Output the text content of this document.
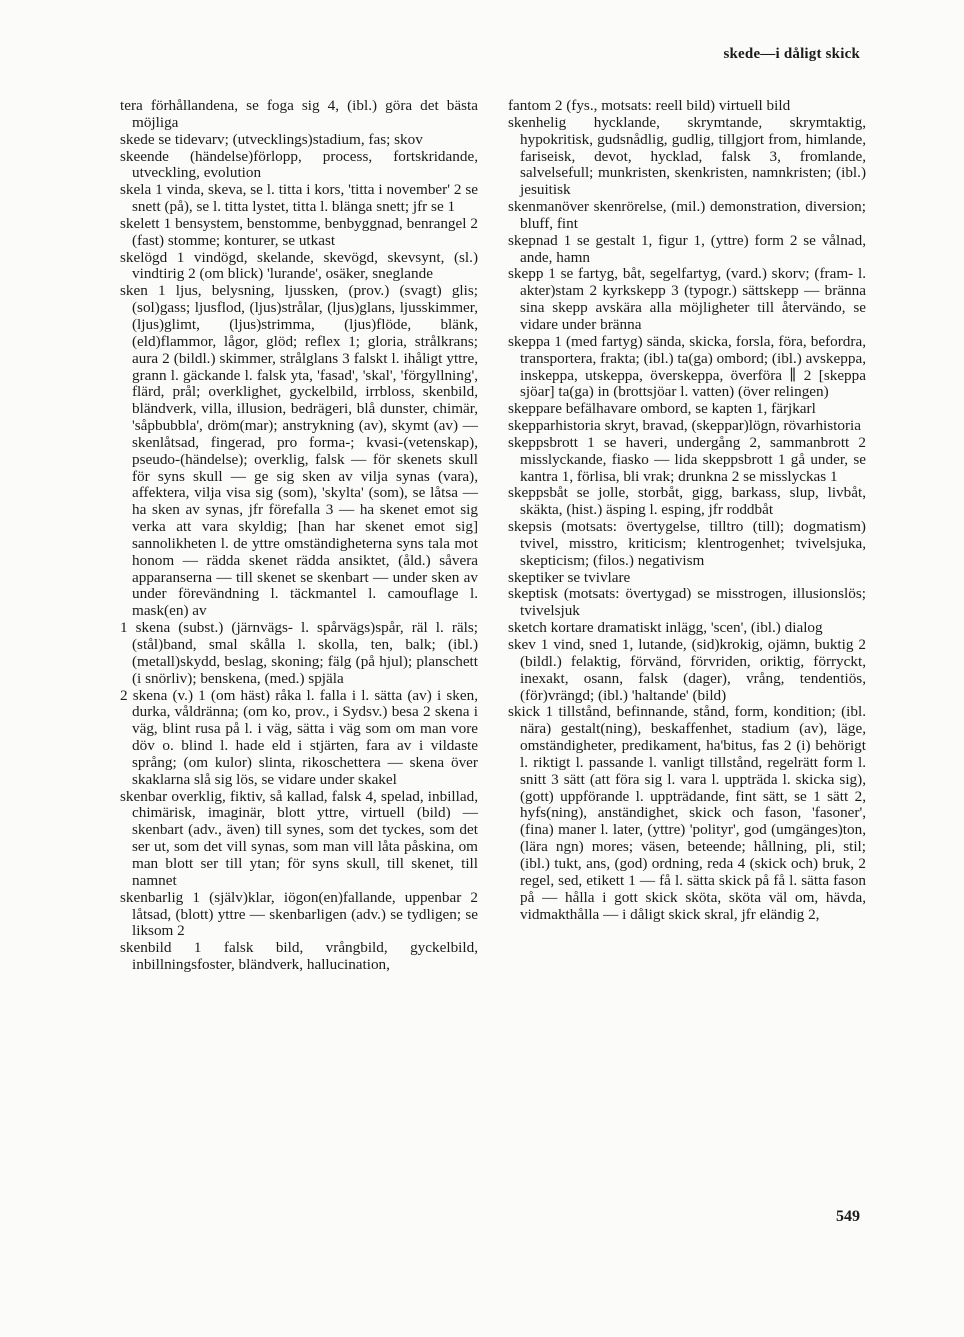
skede—i dåligt skick

tera förhållandena, se foga sig 4, (ibl.) göra det bästa möjliga

skede se tidevarv; (utvecklings)stadium, fas; skov

skeende (händelse)förlopp, process, fortskridande, utveckling, evolution

skela 1 vinda, skeva, se l. titta i kors, 'titta i november' 2 se snett (på), se l. titta lystet, titta l. blänga snett; jfr se 1

skelett 1 bensystem, benstomme, benbyggnad, benrangel 2 (fast) stomme; konturer, se utkast

skelögd 1 vindögd, skelande, skevögd, skevsynt, (sl.) vindtirig 2 (om blick) 'lurande', osäker, sneglande

sken 1 ljus, belysning, ljussken, (prov.) (svagt) glis; (sol)gass; ljusflod, (ljus)strålar, (ljus)glans, ljusskimmer, (ljus)glimt, (ljus)strimma, (ljus)flöde, blänk, (eld)flammor, lågor, glöd; reflex 1; gloria, strålkrans; aura 2 (bildl.) skimmer, strålglans 3 falskt l. ihåligt yttre, grann l. gäckande l. falsk yta, 'fasad', 'skal', 'förgyllning', flärd, prål; overklighet, gyckelbild, irrbloss, skenbild, bländverk, villa, illusion, bedrägeri, blå dunster, chimär, 'såpbubbla', dröm(mar); anstrykning (av), skymt (av) — skenlåtsad, fingerad, pro forma-; kvasi-(vetenskap), pseudo-(händelse); overklig, falsk — för skenets skull för syns skull — ge sig sken av vilja synas (vara), affektera, vilja visa sig (som), 'skylta' (som), se låtsa — ha sken av synas, jfr förefalla 3 — ha skenet emot sig verka att vara skyldig; [han har skenet emot sig] sannolikheten l. de yttre omständigheterna syns tala mot honom — rädda skenet rädda ansiktet, (åld.) såvera apparanserna — till skenet se skenbart — under sken av under förevändning l. täckmantel l. camouflage l. mask(en) av

1 skena (subst.) (järnvägs- l. spårvägs)spår, räl l. räls; (stål)band, smal skålla l. skolla, ten, balk; (ibl.) (metall)skydd, beslag, skoning; fälg (på hjul); planschett (i snörliv); benskena, (med.) spjäla

2 skena (v.) 1 (om häst) råka l. falla i l. sätta (av) i sken, durka, våldränna; (om ko, prov., i Sydsv.) besa 2 skena i väg, blint rusa på l. i väg, sätta i väg som om man vore döv o. blind l. hade eld i stjärten, fara av i vildaste språng; (om kulor) slinta, rikoschettera — skena över skaklarna slå sig lös, se vidare under skakel

skenbar overklig, fiktiv, så kallad, falsk 4, spelad, inbillad, chimärisk, imaginär, blott yttre, virtuell (bild) — skenbart (adv., även) till synes, som det tyckes, som det ser ut, som det vill synas, som man vill låta påskina, om man blott ser till ytan; för syns skull, till skenet, till namnet

skenbarlig 1 (själv)klar, iögon(en)fallande, uppenbar 2 låtsad, (blott) yttre — skenbarligen (adv.) se tydligen; se liksom 2

skenbild 1 falsk bild, vrångbild, gyckelbild, inbillningsfoster, bländverk, hallucination,

fantom 2 (fys., motsats: reell bild) virtuell bild

skenhelig hycklande, skrymtande, skrymtaktig, hypokritisk, gudsnådlig, gudlig, tillgjort from, himlande, fariseisk, devot, hycklad, falsk 3, fromlande, salvelsefull; munkristen, skenkristen, namnkristen; (ibl.) jesuitisk

skenmanöver skenrörelse, (mil.) demonstration, diversion; bluff, fint

skepnad 1 se gestalt 1, figur 1, (yttre) form 2 se vålnad, ande, hamn

skepp 1 se fartyg, båt, segelfartyg, (vard.) skorv; (fram- l. akter)stam 2 kyrkskepp 3 (typogr.) sättskepp — bränna sina skepp avskära alla möjligheter till återvändo, se vidare under bränna

skeppa 1 (med fartyg) sända, skicka, forsla, föra, befordra, transportera, frakta; (ibl.) ta(ga) ombord; (ibl.) avskeppa, inskeppa, utskeppa, överskeppa, överföra ∥ 2 [skeppa sjöar] ta(ga) in (brottsjöar l. vatten) (över relingen)

skeppare befälhavare ombord, se kapten 1, färjkarl

skepparhistoria skryt, bravad, (skeppar)lögn, rövarhistoria

skeppsbrott 1 se haveri, undergång 2, sammanbrott 2 misslyckande, fiasko — lida skeppsbrott 1 gå under, se kantra 1, förlisa, bli vrak; drunkna 2 se misslyckas 1

skeppsbåt se jolle, storbåt, gigg, barkass, slup, livbåt, skäkta, (hist.) äsping l. esping, jfr roddbåt

skepsis (motsats: övertygelse, tilltro (till); dogmatism) tvivel, misstro, kriticism; klentrogenhet; tvivelsjuka, skepticism; (filos.) negativism

skeptiker se tvivlare

skeptisk (motsats: övertygad) se misstrogen, illusionslös; tvivelsjuk

sketch kortare dramatiskt inlägg, 'scen', (ibl.) dialog

skev 1 vind, sned 1, lutande, (sid)krokig, ojämn, buktig 2 (bildl.) felaktig, förvänd, förvriden, oriktig, förryckt, inexakt, osann, falsk (dager), vrång, tendentiös, (för)vrängd; (ibl.) 'haltande' (bild)

skick 1 tillstånd, befinnande, stånd, form, kondition; (ibl. nära) gestalt(ning), beskaffenhet, stadium (av), läge, omständigheter, predikament, ha'bitus, fas 2 (i) behörigt l. riktigt l. passande l. vanligt tillstånd, regelrätt form l. snitt 3 sätt (att föra sig l. vara l. uppträda l. skicka sig), (gott) uppförande l. uppträdande, fint sätt, se 1 sätt 2, hyfs(ning), anständighet, skick och fason, 'fasoner', (fina) maner l. later, (yttre) 'polityr', god (umgänges)ton, (lära ngn) mores; väsen, beteende; hållning, pli, stil; (ibl.) tukt, ans, (god) ordning, reda 4 (skick och) bruk, 2 regel, sed, etikett 1 — få l. sätta skick på få l. sätta fason på — hålla i gott skick sköta, sköta väl om, hävda, vidmakthålla — i dåligt skick skral, jfr eländig 2,

549
